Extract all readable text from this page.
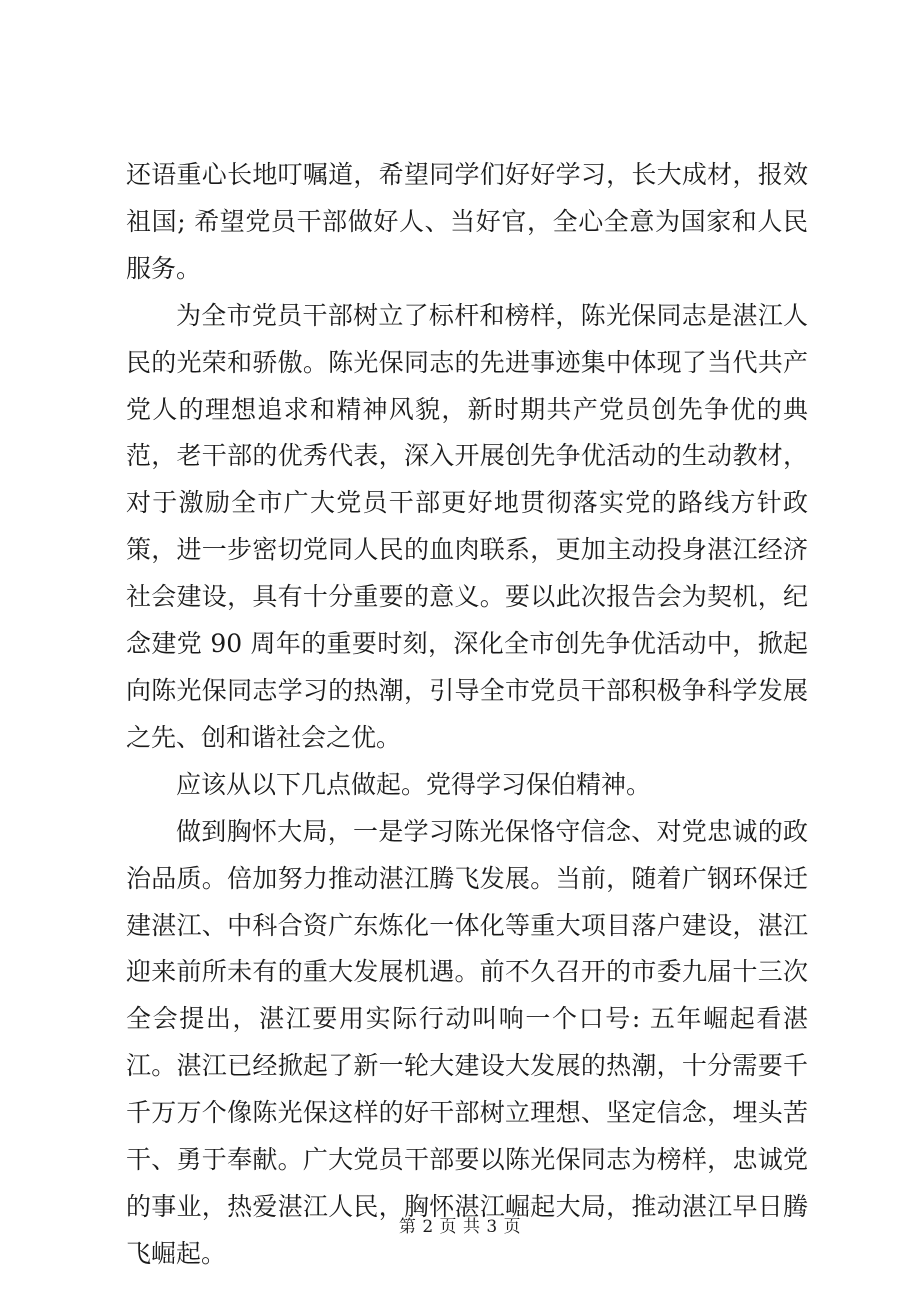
还语重心长地叮嘱道，希望同学们好好学习，长大成材，报效祖国; 希望党员干部做好人、当好官，全心全意为国家和人民服务。

为全市党员干部树立了标杆和榜样，陈光保同志是湛江人民的光荣和骄傲。陈光保同志的先进事迹集中体现了当代共产党人的理想追求和精神风貌，新时期共产党员创先争优的典范，老干部的优秀代表，深入开展创先争优活动的生动教材，对于激励全市广大党员干部更好地贯彻落实党的路线方针政策，进一步密切党同人民的血肉联系，更加主动投身湛江经济社会建设，具有十分重要的意义。要以此次报告会为契机，纪念建党 90 周年的重要时刻，深化全市创先争优活动中，掀起向陈光保同志学习的热潮，引导全市党员干部积极争科学发展之先、创和谐社会之优。

应该从以下几点做起。党得学习保伯精神。

做到胸怀大局，一是学习陈光保恪守信念、对党忠诚的政治品质。倍加努力推动湛江腾飞发展。当前，随着广钢环保迁建湛江、中科合资广东炼化一体化等重大项目落户建设，湛江迎来前所未有的重大发展机遇。前不久召开的市委九届十三次全会提出，湛江要用实际行动叫响一个口号: 五年崛起看湛江。湛江已经掀起了新一轮大建设大发展的热潮，十分需要千千万万个像陈光保这样的好干部树立理想、坚定信念，埋头苦干、勇于奉献。广大党员干部要以陈光保同志为榜样，忠诚党的事业，热爱湛江人民，胸怀湛江崛起大局，推动湛江早日腾飞崛起。

第 2 页 共 3 页
